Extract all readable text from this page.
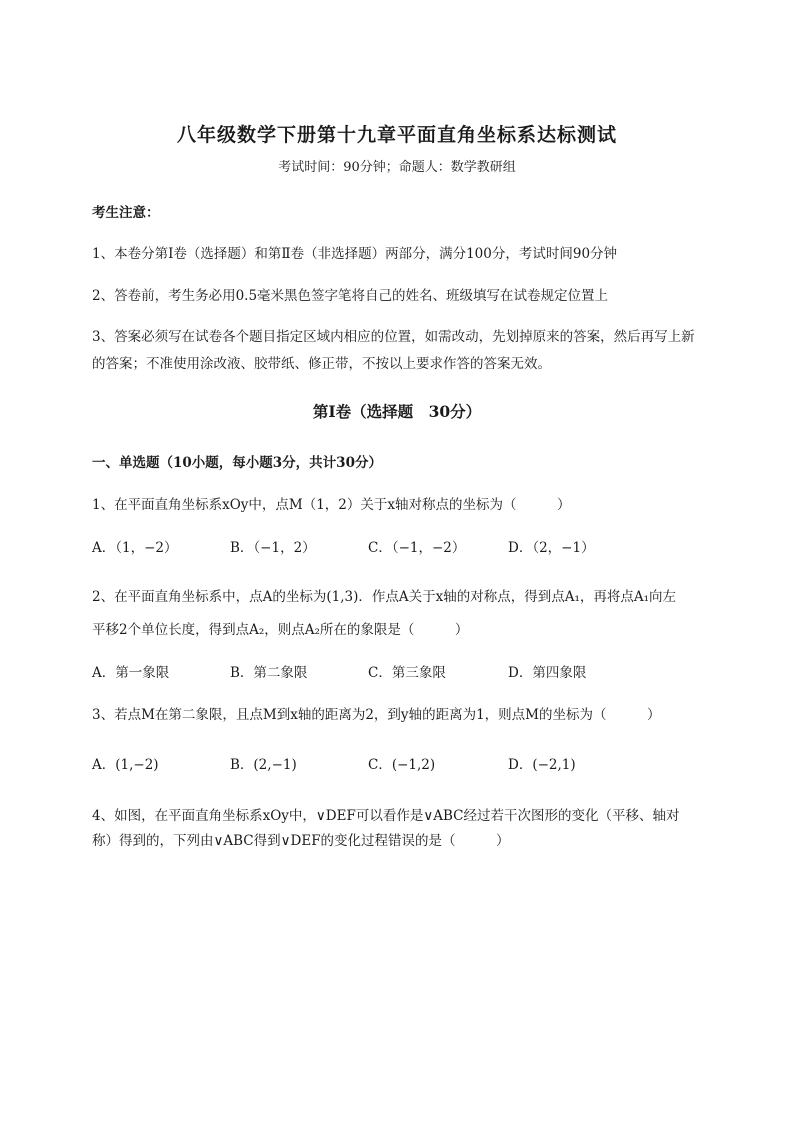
八年级数学下册第十九章平面直角坐标系达标测试
考试时间：90分钟；命题人：数学教研组
考生注意：
1、本卷分第Ⅰ卷（选择题）和第Ⅱ卷（非选择题）两部分，满分100分，考试时间90分钟
2、答卷前，考生务必用0.5毫米黑色签字笔将自己的姓名、班级填写在试卷规定位置上
3、答案必须写在试卷各个题目指定区域内相应的位置，如需改动，先划掉原来的答案，然后再写上新
的答案；不准使用涂改液、胶带纸、修正带，不按以上要求作答的答案无效。
第Ⅰ卷（选择题　30分）
一、单选题（10小题，每小题3分，共计30分）
1、在平面直角坐标系xOy中，点M（1，2）关于x轴对称点的坐标为（　　　）
A．（1，−2）	B．（−1，2）	C．（−1，−2）	D．（2，−1）
2、在平面直角坐标系中，点A的坐标为(1,3)．作点A关于x轴的对称点，得到点A₁，再将点A₁向左
平移2个单位长度，得到点A₂，则点A₂所在的象限是（　　　）
A．第一象限	B．第二象限	C．第三象限	D．第四象限
3、若点M在第二象限，且点M到x轴的距离为2，到y轴的距离为1，则点M的坐标为（　　　）
A．(1,−2)	B．(2,−1)	C．(−1,2)	D．(−2,1)
4、如图，在平面直角坐标系xOy中，∨DEF可以看作是∨ABC经过若干次图形的变化（平移、轴对
称）得到的，下列由∨ABC得到∨DEF的变化过程错误的是（　　　）
